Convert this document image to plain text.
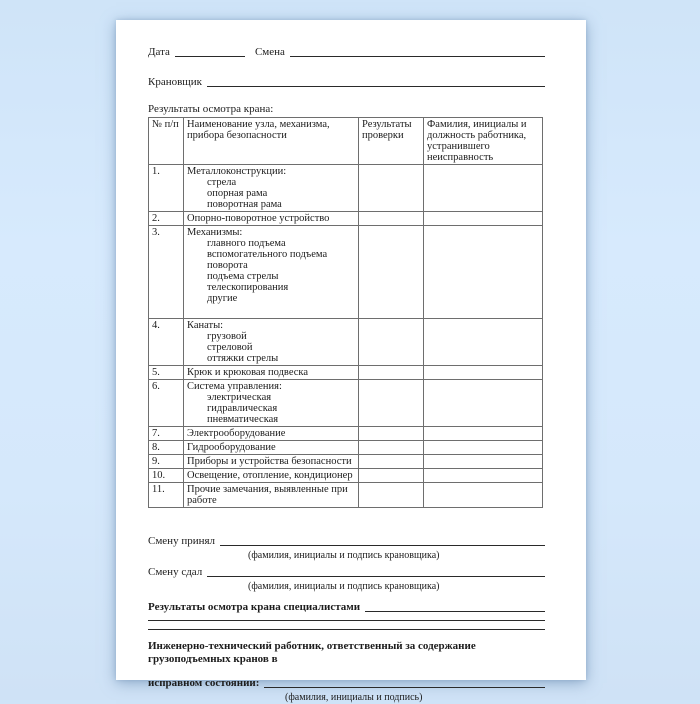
Дата	Смена
Крановщик
Результаты осмотра крана:
№ п/п	Наименование узла, механизма, прибора безопасности	Результаты проверки	Фамилия, инициалы и должность работника, устранившего неисправность
1.	Металлоконструкции:
стрела
опорная рама
поворотная рама		

2.	Опорно-поворотное устройство		

3.	Механизмы:
главного подъема
вспомогательного подъема
поворота
подъема стрелы
телескопирования
другие

4.	Канаты:
грузовой
стреловой
оттяжки стрелы		

5.	Крюк и крюковая подвеска		

6.	Система управления:
электрическая
гидравлическая
пневматическая		

7.	Электрооборудование		

8.	Гидрооборудование		

9.	Приборы и устройства безопасности		

10.	Освещение, отопление, кондиционер		

11.	Прочие замечания, выявленные при работе		

Смену принял
(фамилия, инициалы и подпись крановщика)
Смену сдал
(фамилия, инициалы и подпись крановщика)
Результаты осмотра крана специалистами
Инженерно-технический работник, ответственный за содержание грузоподъемных кранов в
исправном состоянии:
(фамилия, инициалы и подпись)
